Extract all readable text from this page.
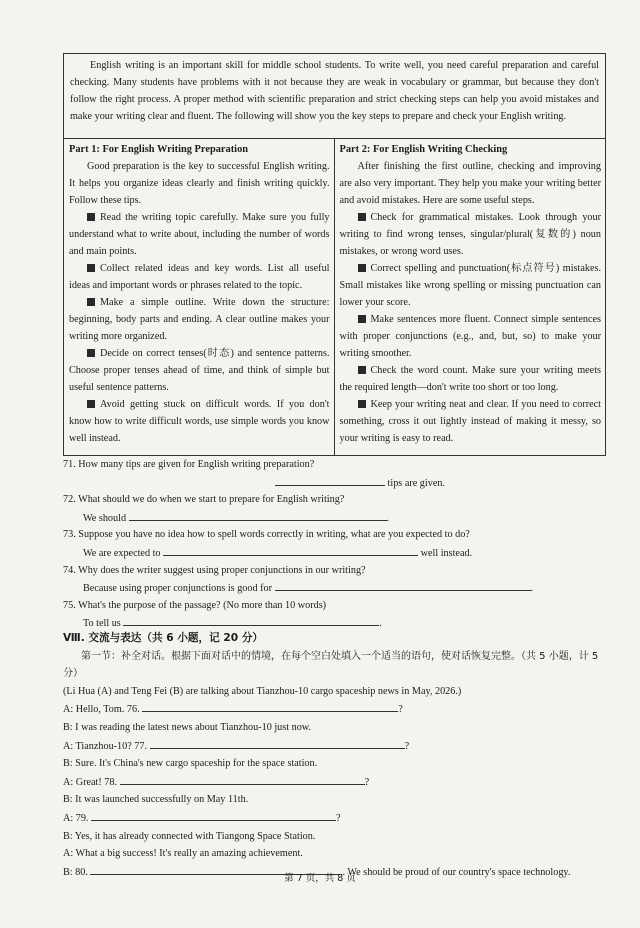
English writing is an important skill for middle school students. To write well, you need careful preparation and careful checking. Many students have problems with it not because they are weak in vocabulary or grammar, but because they don't follow the right process. A proper method with scientific preparation and strict checking steps can help you avoid mistakes and make your writing clear and fluent. The following will show you the key steps to prepare and check your English writing.
Part 1: For English Writing Preparation

Good preparation is the key to successful English writing. It helps you organize ideas clearly and finish writing quickly. Follow these tips.

Read the writing topic carefully. Make sure you fully understand what to write about, including the number of words and main points.

Collect related ideas and key words. List all useful ideas and important words or phrases related to the topic.

Make a simple outline. Write down the structure: beginning, body parts and ending. A clear outline makes your writing more organized.

Decide on correct tenses(时态) and sentence patterns. Choose proper tenses ahead of time, and think of simple but useful sentence patterns.

Avoid getting stuck on difficult words. If you don't know how to write difficult words, use simple words you know well instead.

Part 2: For English Writing Checking

After finishing the first outline, checking and improving are also very important. They help you make your writing better and avoid mistakes. Here are some useful steps.

Check for grammatical mistakes. Look through your writing to find wrong tenses, singular/plural(复数的) noun mistakes, or wrong word uses.

Correct spelling and punctuation(标点符号) mistakes. Small mistakes like wrong spelling or missing punctuation can lower your score.

Make sentences more fluent. Connect simple sentences with proper conjunctions (e.g., and, but, so) to make your writing smoother.

Check the word count. Make sure your writing meets the required length—don't write too short or too long.

Keep your writing neat and clear. If you need to correct something, cross it out lightly instead of making it messy, so your writing is easy to read.

71. How many tips are given for English writing preparation?

tips are given.

72. What should we do when we start to prepare for English writing?

We should	.

73. Suppose you have no idea how to spell words correctly in writing, what are you expected to do?

We are expected to	well instead.

74. Why does the writer suggest using proper conjunctions in our writing?

Because using proper conjunctions is good for	.

75. What's the purpose of the passage? (No more than 10 words)

To tell us	.

Ⅷ. 交流与表达（共 6 小题，记 20 分）

第一节：补全对话。根据下面对话中的情境，在每个空白处填入一个适当的语句，使对话恢复完整。（共 5 小题，计 5 分）

(Li Hua (A) and Teng Fei (B) are talking about Tianzhou-10 cargo spaceship news in May, 2026.)

A: Hello, Tom. 76.	?

B: I was reading the latest news about Tianzhou-10 just now.

A: Tianzhou-10? 77.	?

B: Sure. It's China's new cargo spaceship for the space station.

A: Great! 78.	?

B: It was launched successfully on May 11th.

A: 79.	?

B: Yes, it has already connected with Tiangong Space Station.

A: What a big success! It's really an amazing achievement.

B: 80.	. We should be proud of our country's space technology.

第 7 页，共 8 页
